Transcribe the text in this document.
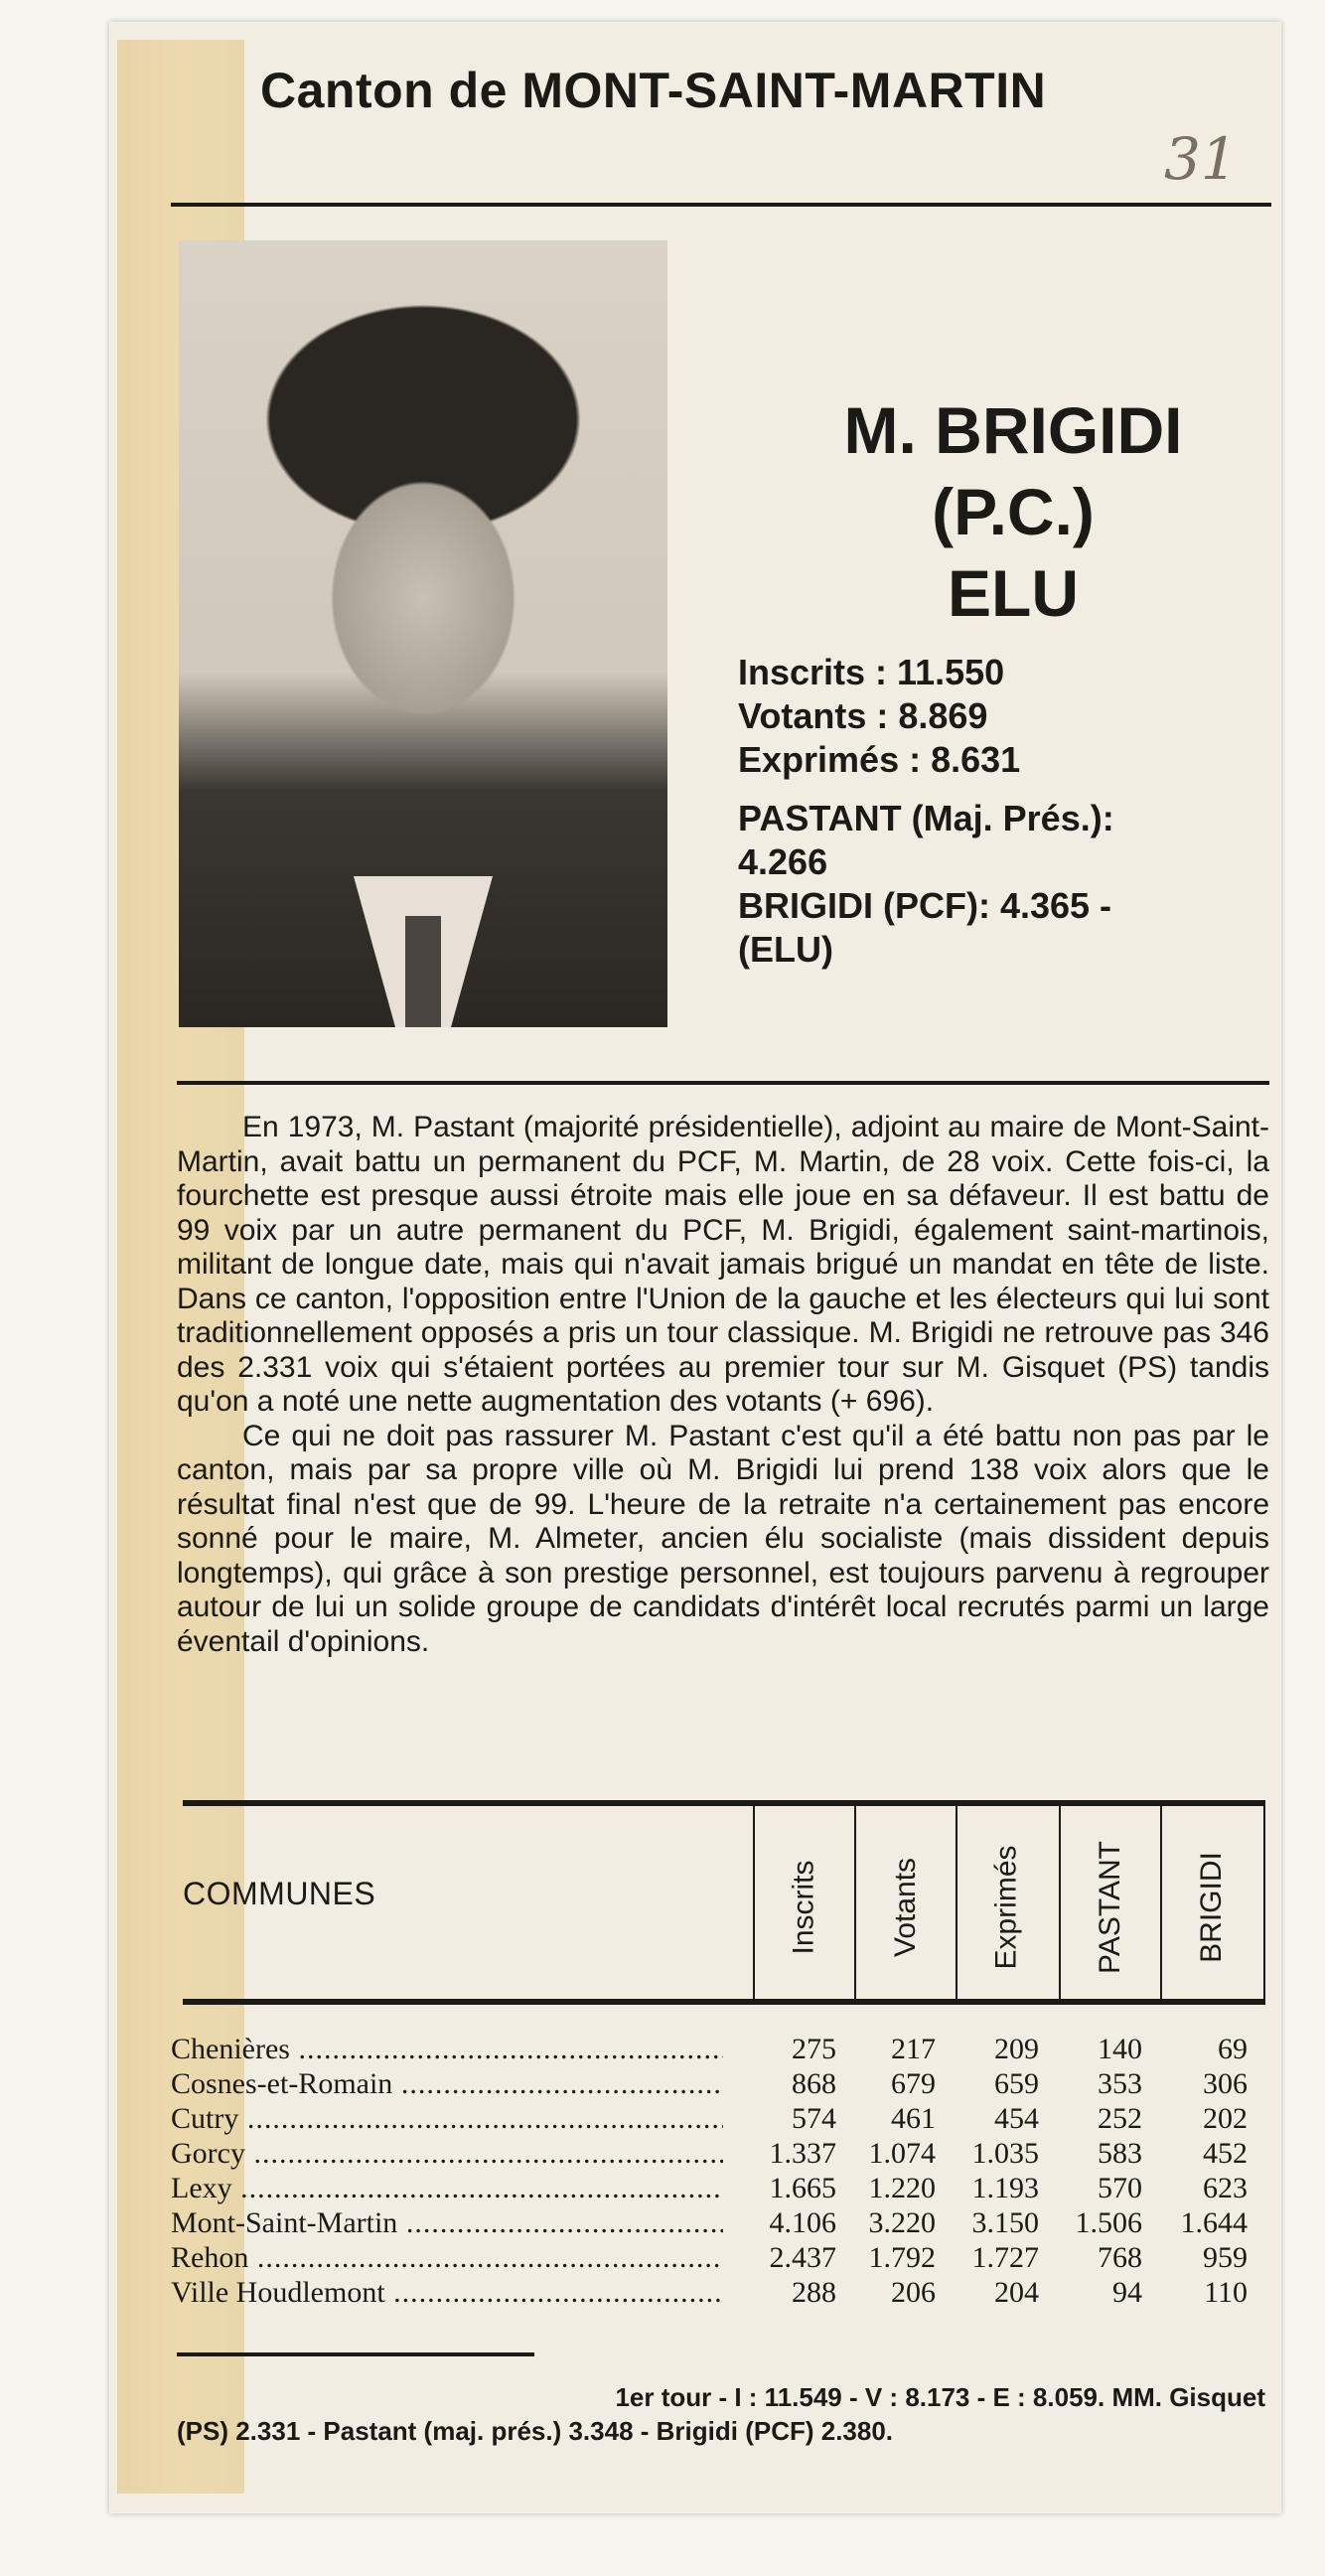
Canton de MONT-SAINT-MARTIN
31
M. BRIGIDI
(P.C.)
ELU
Inscrits : 11.550
Votants : 8.869
Exprimés : 8.631
PASTANT (Maj. Prés.):
4.266
BRIGIDI (PCF): 4.365 -
(ELU)

En 1973, M. Pastant (majorité présidentielle), adjoint au maire de Mont-Saint-Martin, avait battu un permanent du PCF, M. Martin, de 28 voix. Cette fois-ci, la fourchette est presque aussi étroite mais elle joue en sa défaveur. Il est battu de 99 voix par un autre permanent du PCF, M. Brigidi, également saint-martinois, militant de longue date, mais qui n'avait jamais brigué un mandat en tête de liste. Dans ce canton, l'opposition entre l'Union de la gauche et les électeurs qui lui sont traditionnellement opposés a pris un tour classique. M. Brigidi ne retrouve pas 346 des 2.331 voix qui s'étaient portées au premier tour sur M. Gisquet (PS) tandis qu'on a noté une nette augmentation des votants (+ 696).

Ce qui ne doit pas rassurer M. Pastant c'est qu'il a été battu non pas par le canton, mais par sa propre ville où M. Brigidi lui prend 138 voix alors que le résultat final n'est que de 99. L'heure de la retraite n'a certainement pas encore sonné pour le maire, M. Almeter, ancien élu socialiste (mais dissident depuis longtemps), qui grâce à son prestige personnel, est toujours parvenu à regrouper autour de lui un solide groupe de candidats d'intérêt local recrutés parmi un large éventail d'opinions.

COMMUNES	Inscrits Votants Exprimés PASTANT BRIGIDI
Chenières .....	275	217	209	140	69
Cosnes-et-Romain .....	868	679	659	353	306
Cutry .....	574	461	454	252	202
Gorcy .....	1.337	1.074	1.035	583	452
Lexy .....	1.665	1.220	1.193	570	623
Mont-Saint-Martin .....	4.106	3.220	3.150	1.506	1.644
Rehon .....	2.437	1.792	1.727	768	959
Ville Houdlemont .....	288	206	204	94	110
1er tour - I : 11.549 - V : 8.173 - E : 8.059. MM. Gisquet
(PS) 2.331 - Pastant (maj. prés.) 3.348 - Brigidi (PCF) 2.380.
